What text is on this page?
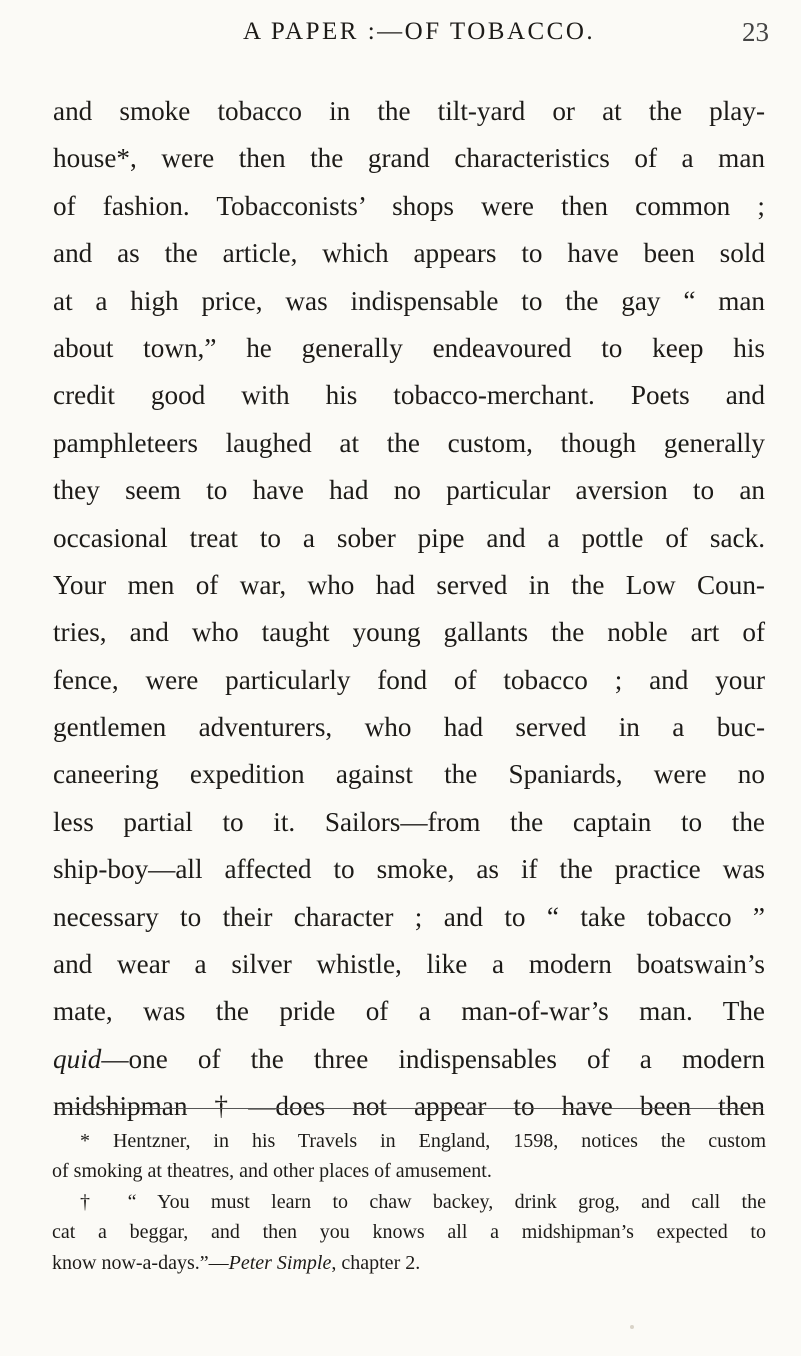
A PAPER :—OF TOBACCO.	23
and smoke tobacco in the tilt-yard or at the play-
house*, were then the grand characteristics of a man
of fashion. Tobacconists’ shops were then common ;
and as the article, which appears to have been sold
at a high price, was indispensable to the gay “ man
about town,” he generally endeavoured to keep his
credit good with his tobacco-merchant. Poets and
pamphleteers laughed at the custom, though generally
they seem to have had no particular aversion to an
occasional treat to a sober pipe and a pottle of sack.
Your men of war, who had served in the Low Coun-
tries, and who taught young gallants the noble art of
fence, were particularly fond of tobacco ; and your
gentlemen adventurers, who had served in a buc-
caneering expedition against the Spaniards, were no
less partial to it. Sailors—from the captain to the
ship-boy—all affected to smoke, as if the practice was
necessary to their character ; and to “ take tobacco ”
and wear a silver whistle, like a modern boatswain’s
mate, was the pride of a man-of-war’s man. The
quid—one of the three indispensables of a modern
midshipman †—does not appear to have been then
* Hentzner, in his Travels in England, 1598, notices the custom
of smoking at theatres, and other places of amusement.
† “ You must learn to chaw backey, drink grog, and call the
cat a beggar, and then you knows all a midshipman’s expected to
know now-a-days.”—Peter Simple, chapter 2.
